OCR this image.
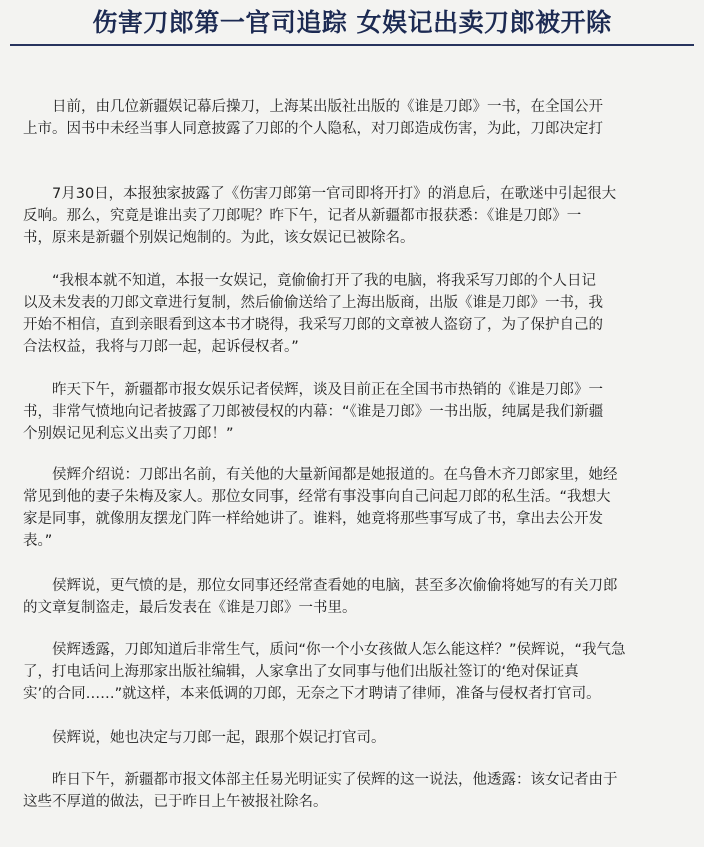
伤害刀郎第一官司追踪 女娱记出卖刀郎被开除
日前，由几位新疆娱记幕后操刀，上海某出版社出版的《谁是刀郎》一书，在全国公开
上市。因书中未经当事人同意披露了刀郎的个人隐私，对刀郎造成伤害，为此，刀郎决定打
7月30日，本报独家披露了《伤害刀郎第一官司即将开打》的消息后，在歌迷中引起很大
反响。那么，究竟是谁出卖了刀郎呢？昨下午，记者从新疆都市报获悉：《谁是刀郎》一
书，原来是新疆个别娱记炮制的。为此，该女娱记已被除名。
“我根本就不知道，本报一女娱记，竟偷偷打开了我的电脑，将我采写刀郎的个人日记
以及未发表的刀郎文章进行复制，然后偷偷送给了上海出版商，出版《谁是刀郎》一书，我
开始不相信，直到亲眼看到这本书才晓得，我采写刀郎的文章被人盗窃了，为了保护自己的
合法权益，我将与刀郎一起，起诉侵权者。”
昨天下午，新疆都市报女娱乐记者侯辉，谈及目前正在全国书市热销的《谁是刀郎》一
书，非常气愤地向记者披露了刀郎被侵权的内幕：“《谁是刀郎》一书出版，纯属是我们新疆
个别娱记见利忘义出卖了刀郎！”
侯辉介绍说：刀郎出名前，有关他的大量新闻都是她报道的。在乌鲁木齐刀郎家里，她经
常见到他的妻子朱梅及家人。那位女同事，经常有事没事向自己问起刀郎的私生活。“我想大
家是同事，就像朋友摆龙门阵一样给她讲了。谁料，她竟将那些事写成了书，拿出去公开发
表。”
侯辉说，更气愤的是，那位女同事还经常查看她的电脑，甚至多次偷偷将她写的有关刀郎
的文章复制盗走，最后发表在《谁是刀郎》一书里。
侯辉透露，刀郎知道后非常生气，质问“你一个小女孩做人怎么能这样？”侯辉说，“我气急
了，打电话问上海那家出版社编辑，人家拿出了女同事与他们出版社签订的‘绝对保证真
实’的合同……”就这样，本来低调的刀郎，无奈之下才聘请了律师，准备与侵权者打官司。
侯辉说，她也决定与刀郎一起，跟那个娱记打官司。
昨日下午，新疆都市报文体部主任易光明证实了侯辉的这一说法，他透露：该女记者由于
这些不厚道的做法，已于昨日上午被报社除名。
